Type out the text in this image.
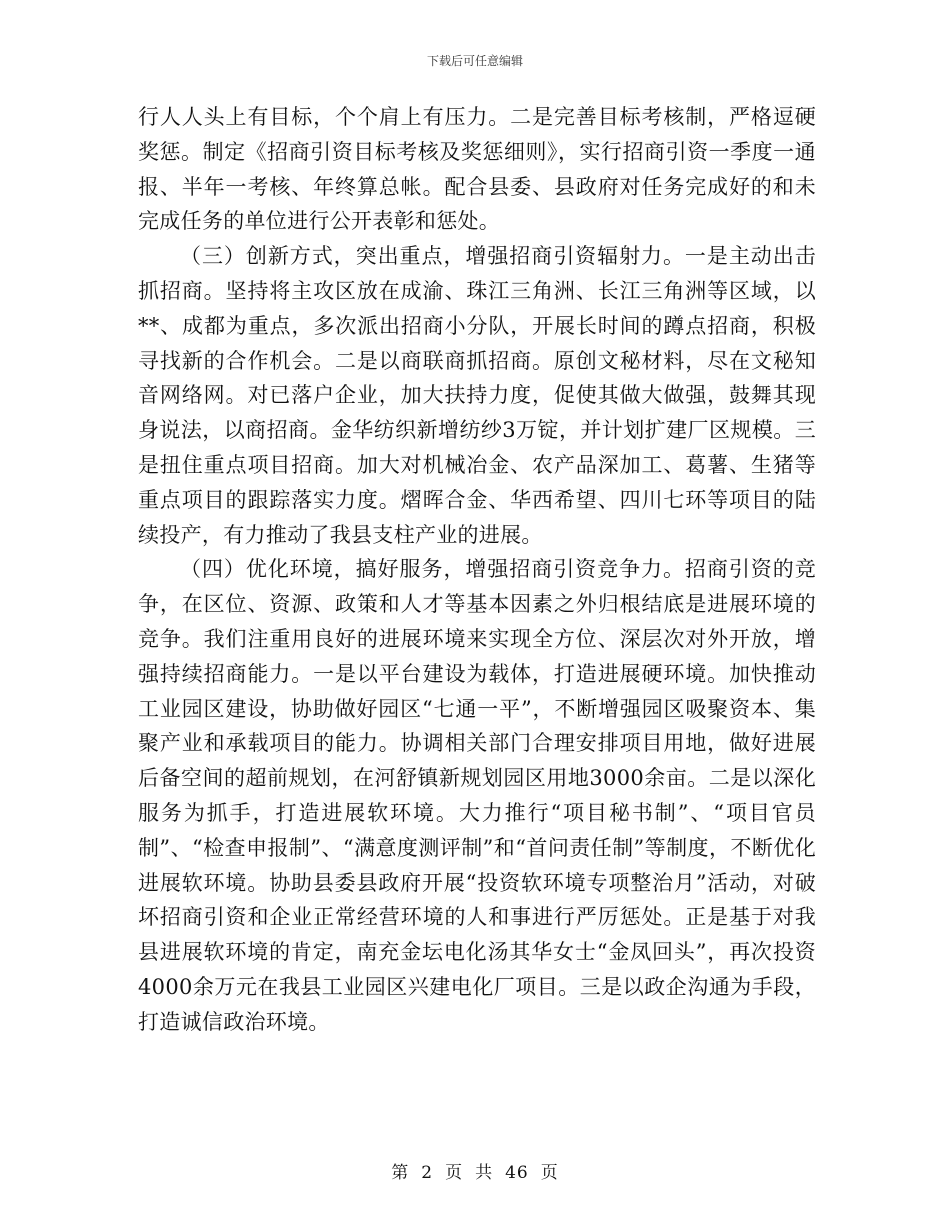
下载后可任意编辑

行人人头上有目标，个个肩上有压力。二是完善目标考核制，严格逗硬奖惩。制定《招商引资目标考核及奖惩细则》，实行招商引资一季度一通报、半年一考核、年终算总帐。配合县委、县政府对任务完成好的和未完成任务的单位进行公开表彰和惩处。

（三）创新方式，突出重点，增强招商引资辐射力。一是主动出击抓招商。坚持将主攻区放在成渝、珠江三角洲、长江三角洲等区域，以**、成都为重点，多次派出招商小分队，开展长时间的蹲点招商，积极寻找新的合作机会。二是以商联商抓招商。原创文秘材料，尽在文秘知音网络网。对已落户企业，加大扶持力度，促使其做大做强，鼓舞其现身说法，以商招商。金华纺织新增纺纱3万锭，并计划扩建厂区规模。三是扭住重点项目招商。加大对机械冶金、农产品深加工、葛薯、生猪等重点项目的跟踪落实力度。熠晖合金、华西希望、四川七环等项目的陆续投产，有力推动了我县支柱产业的进展。

（四）优化环境，搞好服务，增强招商引资竞争力。招商引资的竞争，在区位、资源、政策和人才等基本因素之外归根结底是进展环境的竞争。我们注重用良好的进展环境来实现全方位、深层次对外开放，增强持续招商能力。一是以平台建设为载体，打造进展硬环境。加快推动工业园区建设，协助做好园区“七通一平”，不断增强园区吸聚资本、集聚产业和承载项目的能力。协调相关部门合理安排项目用地，做好进展后备空间的超前规划，在河舒镇新规划园区用地3000余亩。二是以深化服务为抓手，打造进展软环境。大力推行“项目秘书制”、“项目官员制”、“检查申报制”、“满意度测评制”和“首问责任制”等制度，不断优化进展软环境。协助县委县政府开展“投资软环境专项整治月”活动，对破坏招商引资和企业正常经营环境的人和事进行严厉惩处。正是基于对我县进展软环境的肯定，南充金坛电化汤其华女士“金凤回头”，再次投资4000余万元在我县工业园区兴建电化厂项目。三是以政企沟通为手段，打造诚信政治环境。

第 2 页 共 46 页
